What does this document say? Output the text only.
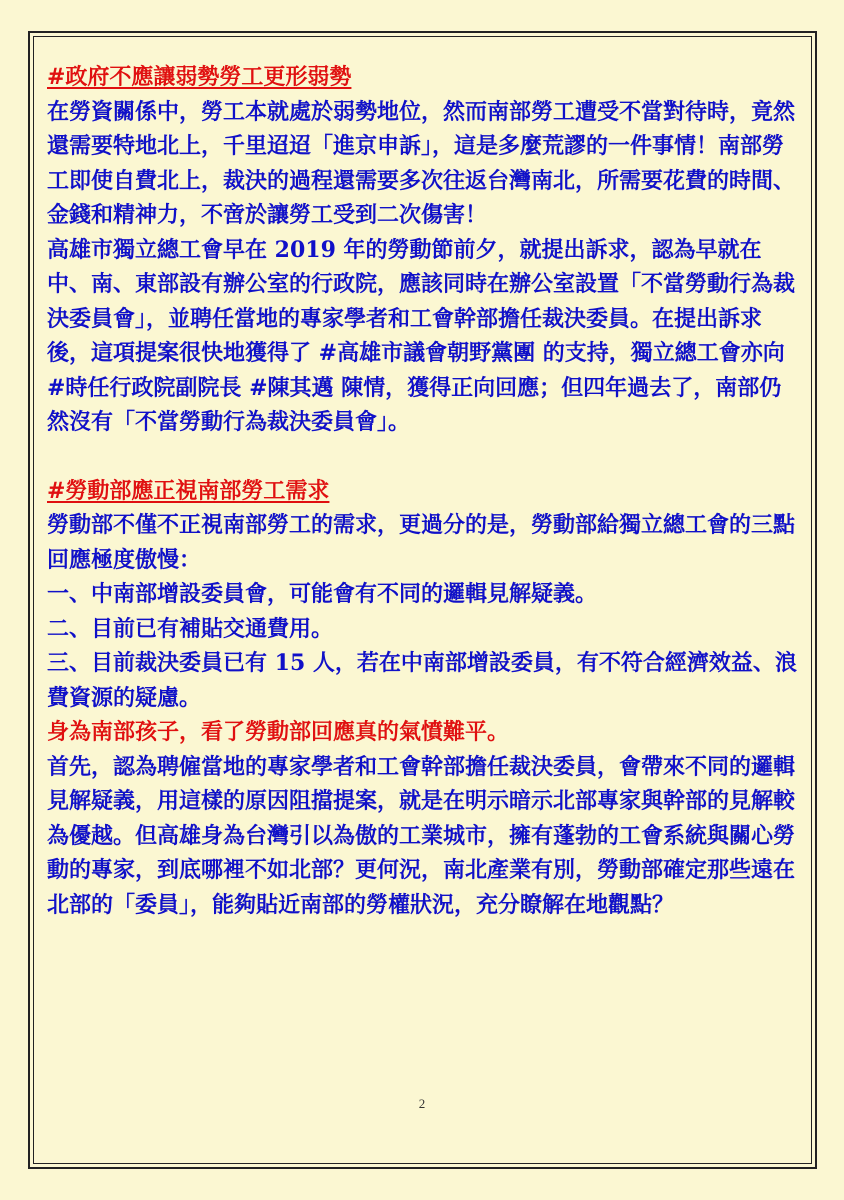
#政府不應讓弱勢勞工更形弱勢

在勞資關係中，勞工本就處於弱勢地位，然而南部勞工遭受不當對待時，竟然還需要特地北上，千里迢迢「進京申訴」，這是多麼荒謬的一件事情！南部勞工即使自費北上，裁決的過程還需要多次往返台灣南北，所需要花費的時間、金錢和精神力，不啻於讓勞工受到二次傷害！

高雄市獨立總工會早在 2019 年的勞動節前夕，就提出訴求，認為早就在中、南、東部設有辦公室的行政院，應該同時在辦公室設置「不當勞動行為裁決委員會」，並聘任當地的專家學者和工會幹部擔任裁決委員。在提出訴求後，這項提案很快地獲得了 #高雄市議會朝野黨團 的支持，獨立總工會亦向 #時任行政院副院長 #陳其邁 陳情，獲得正向回應；但四年過去了，南部仍然沒有「不當勞動行為裁決委員會」。

#勞動部應正視南部勞工需求

勞動部不僅不正視南部勞工的需求，更過分的是，勞動部給獨立總工會的三點回應極度傲慢：

一、中南部增設委員會，可能會有不同的邏輯見解疑義。

二、目前已有補貼交通費用。

三、目前裁決委員已有 15 人，若在中南部增設委員，有不符合經濟效益、浪費資源的疑慮。

身為南部孩子，看了勞動部回應真的氣憤難平。

首先，認為聘僱當地的專家學者和工會幹部擔任裁決委員，會帶來不同的邏輯見解疑義，用這樣的原因阻擋提案，就是在明示暗示北部專家與幹部的見解較為優越。但高雄身為台灣引以為傲的工業城市，擁有蓬勃的工會系統與關心勞動的專家，到底哪裡不如北部？更何況，南北產業有別，勞動部確定那些遠在北部的「委員」，能夠貼近南部的勞權狀況，充分瞭解在地觀點？

2
